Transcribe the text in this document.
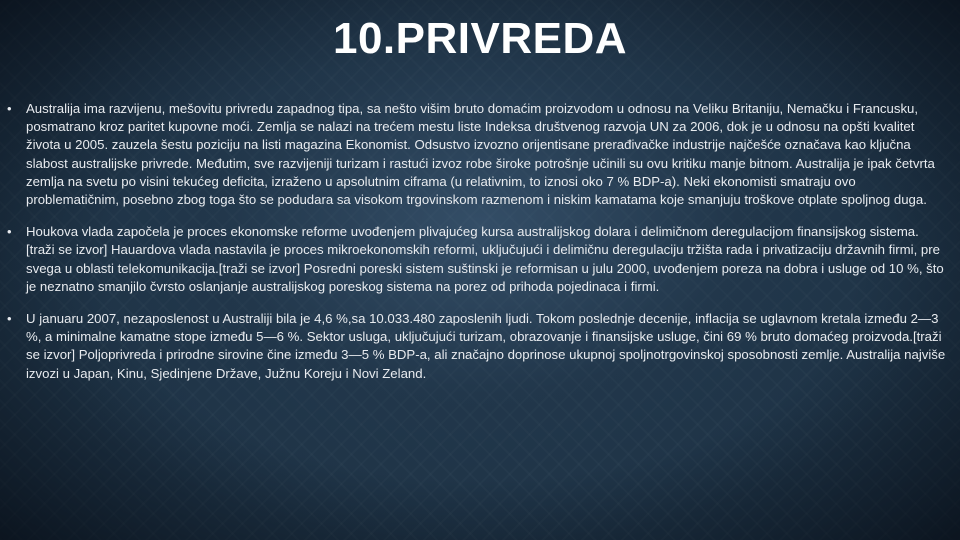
10.PRIVREDA
•	Australija ima razvijenu, mešovitu privredu zapadnog tipa, sa nešto višim bruto domaćim proizvodom u odnosu na Veliku Britaniju, Nemačku i Francusku, posmatrano kroz paritet kupovne moći. Zemlja se nalazi na trećem mestu liste Indeksa društvenog razvoja UN za 2006, dok je u odnosu na opšti kvalitet života u 2005. zauzela šestu poziciju na listi magazina Ekonomist. Odsustvo izvozno orijentisane prerađivačke industrije najčešće označava kao ključna slabost australijske privrede. Međutim, sve razvijeniji turizam i rastući izvoz robe široke potrošnje učinili su ovu kritiku manje bitnom. Australija je ipak četvrta zemlja na svetu po visini tekućeg deficita, izraženo u apsolutnim ciframa (u relativnim, to iznosi oko 7 % BDP-a). Neki ekonomisti smatraju ovo problematičnim, posebno zbog toga što se podudara sa visokom trgovinskom razmenom i niskim kamatama koje smanjuju troškove otplate spoljnog duga.
•	Houkova vlada započela je proces ekonomske reforme uvođenjem plivajućeg kursa australijskog dolara i delimičnom deregulacijom finansijskog sistema.[traži se izvor] Hauardova vlada nastavila je proces mikroekonomskih reformi, uključujući i delimičnu deregulaciju tržišta rada i privatizaciju državnih firmi, pre svega u oblasti telekomunikacija.[traži se izvor] Posredni poreski sistem suštinski je reformisan u julu 2000, uvođenjem poreza na dobra i usluge od 10 %, što je neznatno smanjilo čvrsto oslanjanje australijskog poreskog sistema na porez od prihoda pojedinaca i firmi.
•	U januaru 2007, nezaposlenost u Australiji bila je 4,6 %,sa 10.033.480 zaposlenih ljudi. Tokom poslednje decenije, inflacija se uglavnom kretala između 2—3 %, a minimalne kamatne stope između 5—6 %. Sektor usluga, uključujući turizam, obrazovanje i finansijske usluge, čini 69 % bruto domaćeg proizvoda.[traži se izvor] Poljoprivreda i prirodne sirovine čine između 3—5 % BDP-a, ali značajno doprinose ukupnoj spoljnotrgovinskoj sposobnosti zemlje. Australija najviše izvozi u Japan, Kinu, Sjedinjene Države, Južnu Koreju i Novi Zeland.
